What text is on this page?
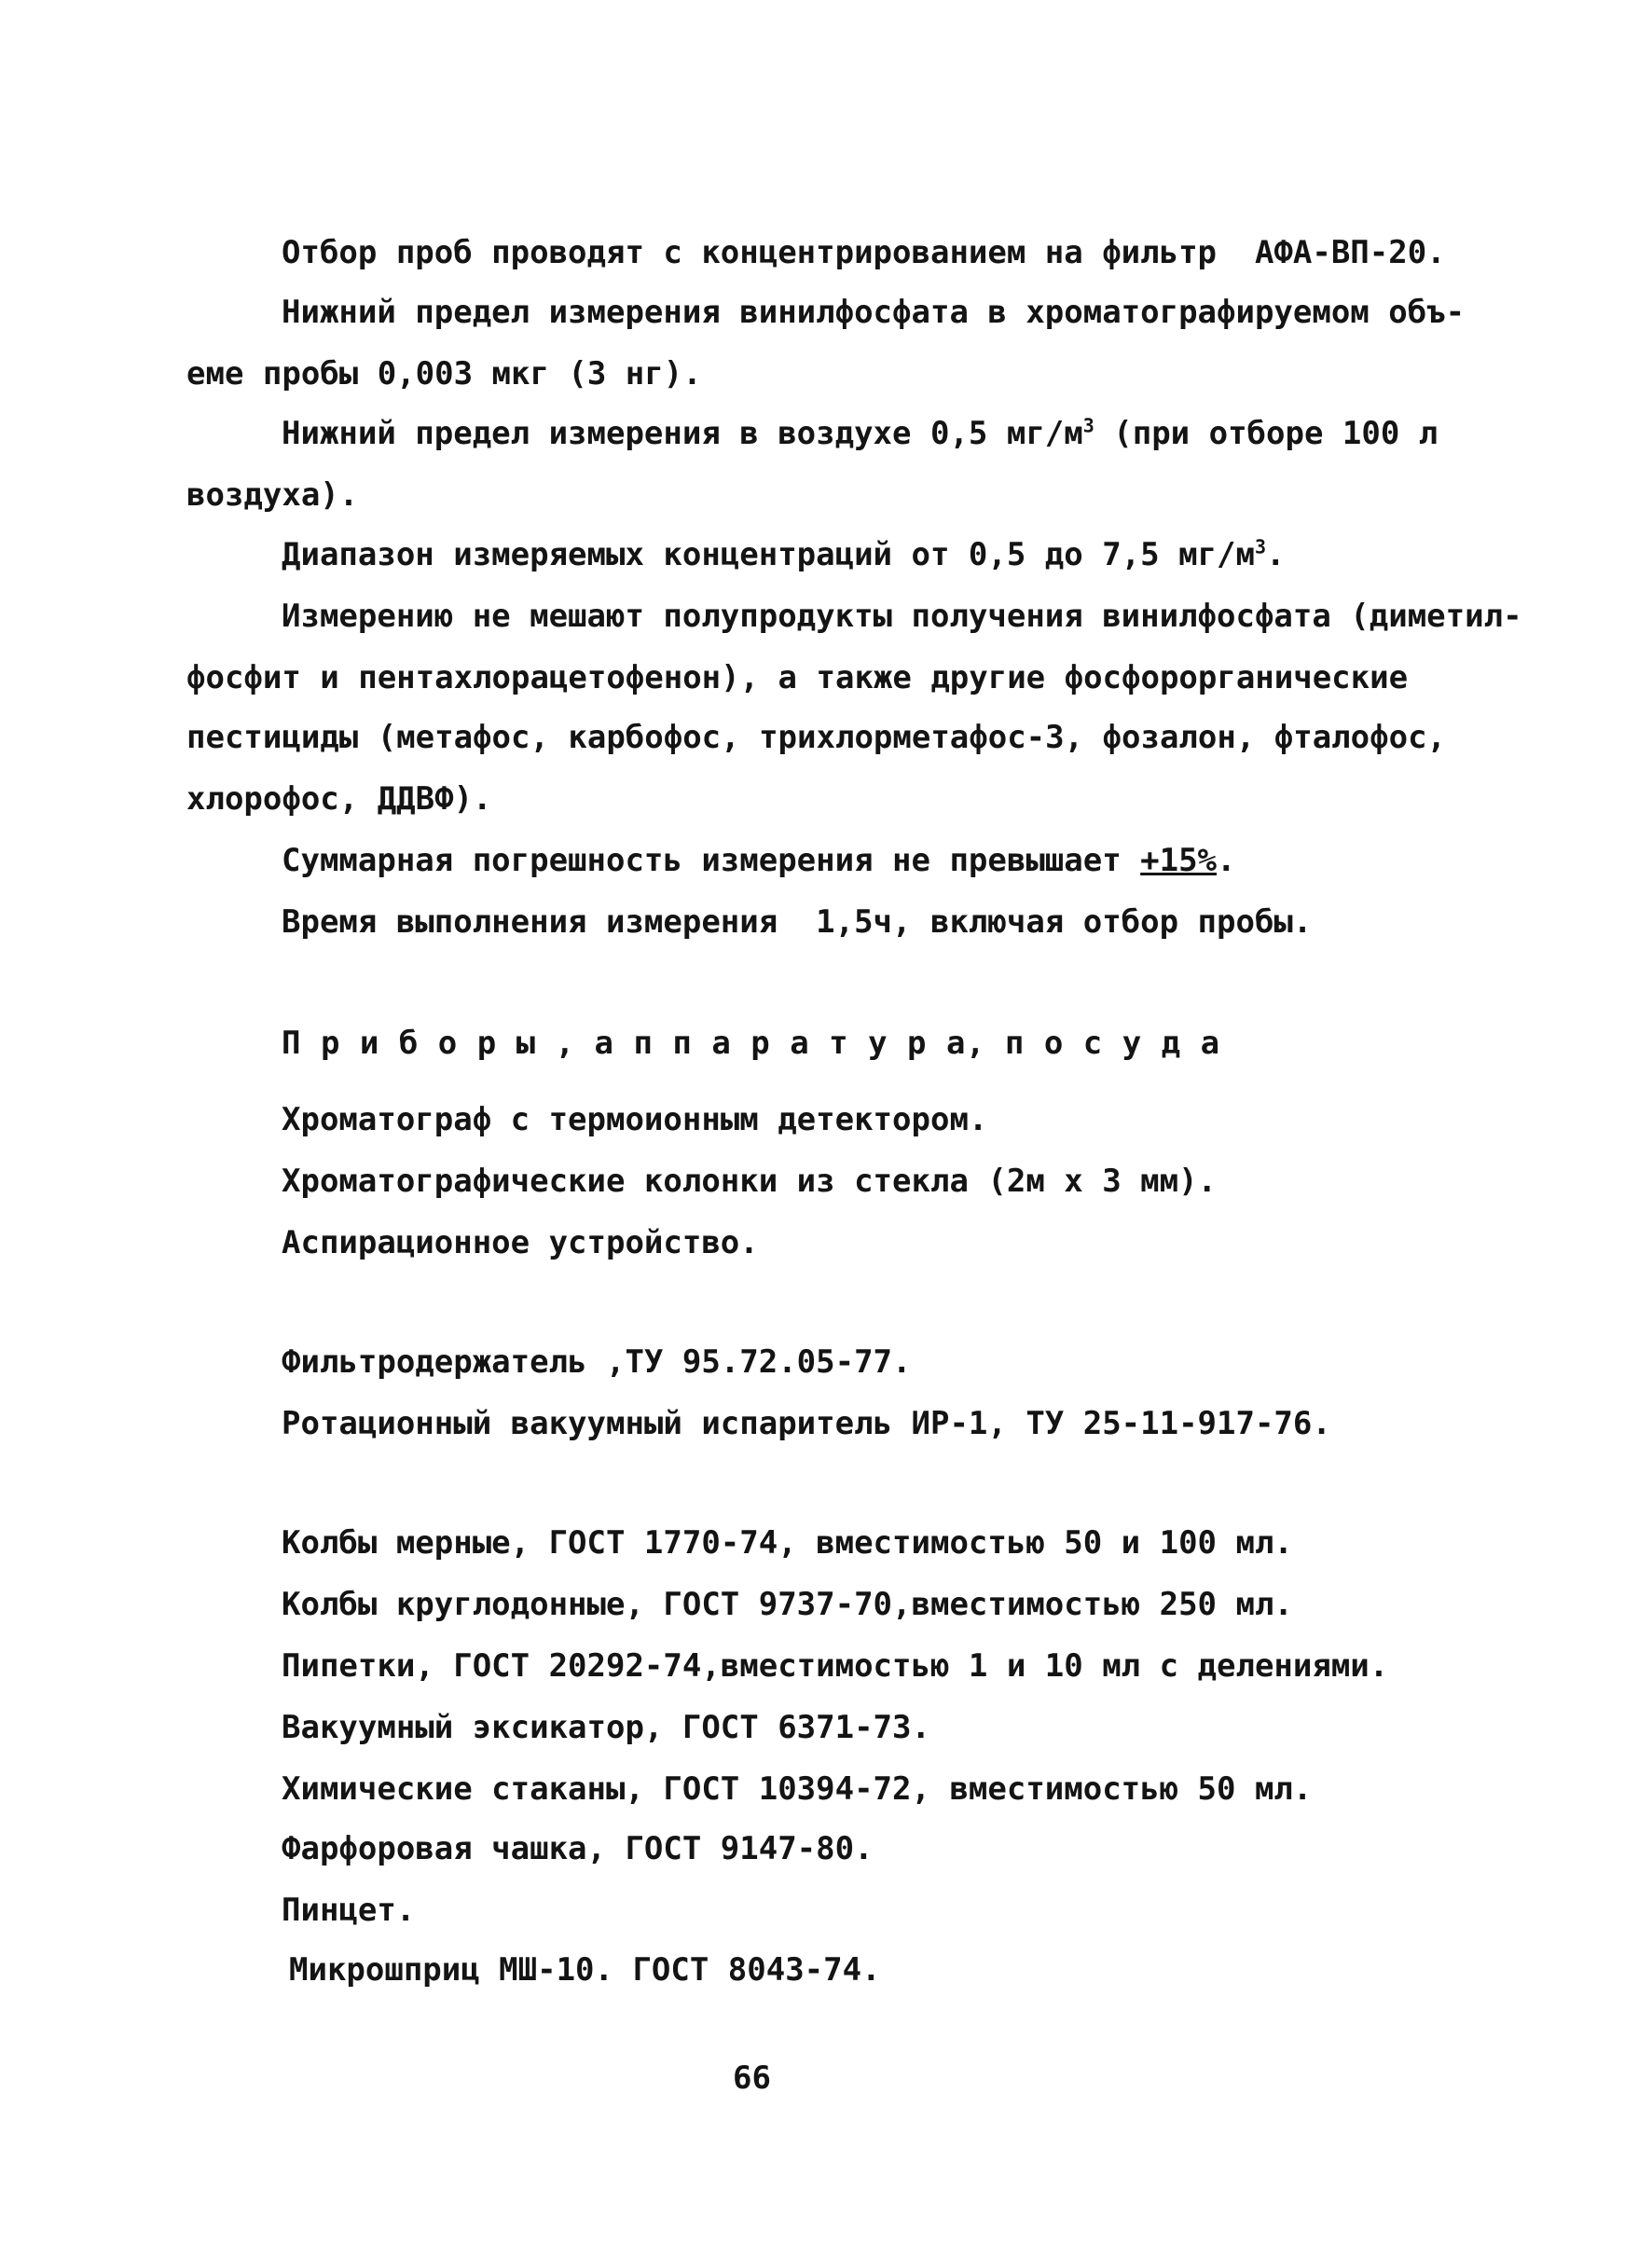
Отбор проб проводят с концентрированием на фильтр  АФА-ВП-20.
Нижний предел измерения винилфосфата в хроматографируемом объ-
еме пробы 0,003 мкг (3 нг).
Нижний предел измерения в воздухе 0,5 $мг/м^3$ (при отборе 100 л
воздуха).
Диапазон измеряемых концентраций от 0,5 до 7,5 $мг/м^3$.
Измерению не мешают полупродукты получения винилфосфата (диметил-
фосфит и пентахлорацетофенон), а также другие фосфорорганические
пестициды (метафос, карбофос, трихлорметафос-3, фозалон, фталофос,
хлорофос, ДДВФ).
Суммарная погрешность измерения не превышает +15%.
Время выполнения измерения  1,5ч, включая отбор пробы.
П р и б о р ы , а п п а р а т у р а, п о с у д а
Хроматограф с термоионным детектором.
Хроматографические колонки из стекла (2м х 3 мм).
Аспирационное устройство.
Фильтродержатель ,ТУ 95.72.05-77.
Ротационный вакуумный испаритель ИР-1, ТУ 25-11-917-76.
Колбы мерные, ГОСТ 1770-74, вместимостью 50 и 100 мл.
Колбы круглодонные, ГОСТ 9737-70,вместимостью 250 мл.
Пипетки, ГОСТ 20292-74,вместимостью 1 и 10 мл с делениями.
Вакуумный эксикатор, ГОСТ 6371-73.
Химические стаканы, ГОСТ 10394-72, вместимостью 50 мл.
Фарфоровая чашка, ГОСТ 9147-80.
Пинцет.
Микрошприц МШ-10. ГОСТ 8043-74.
66
